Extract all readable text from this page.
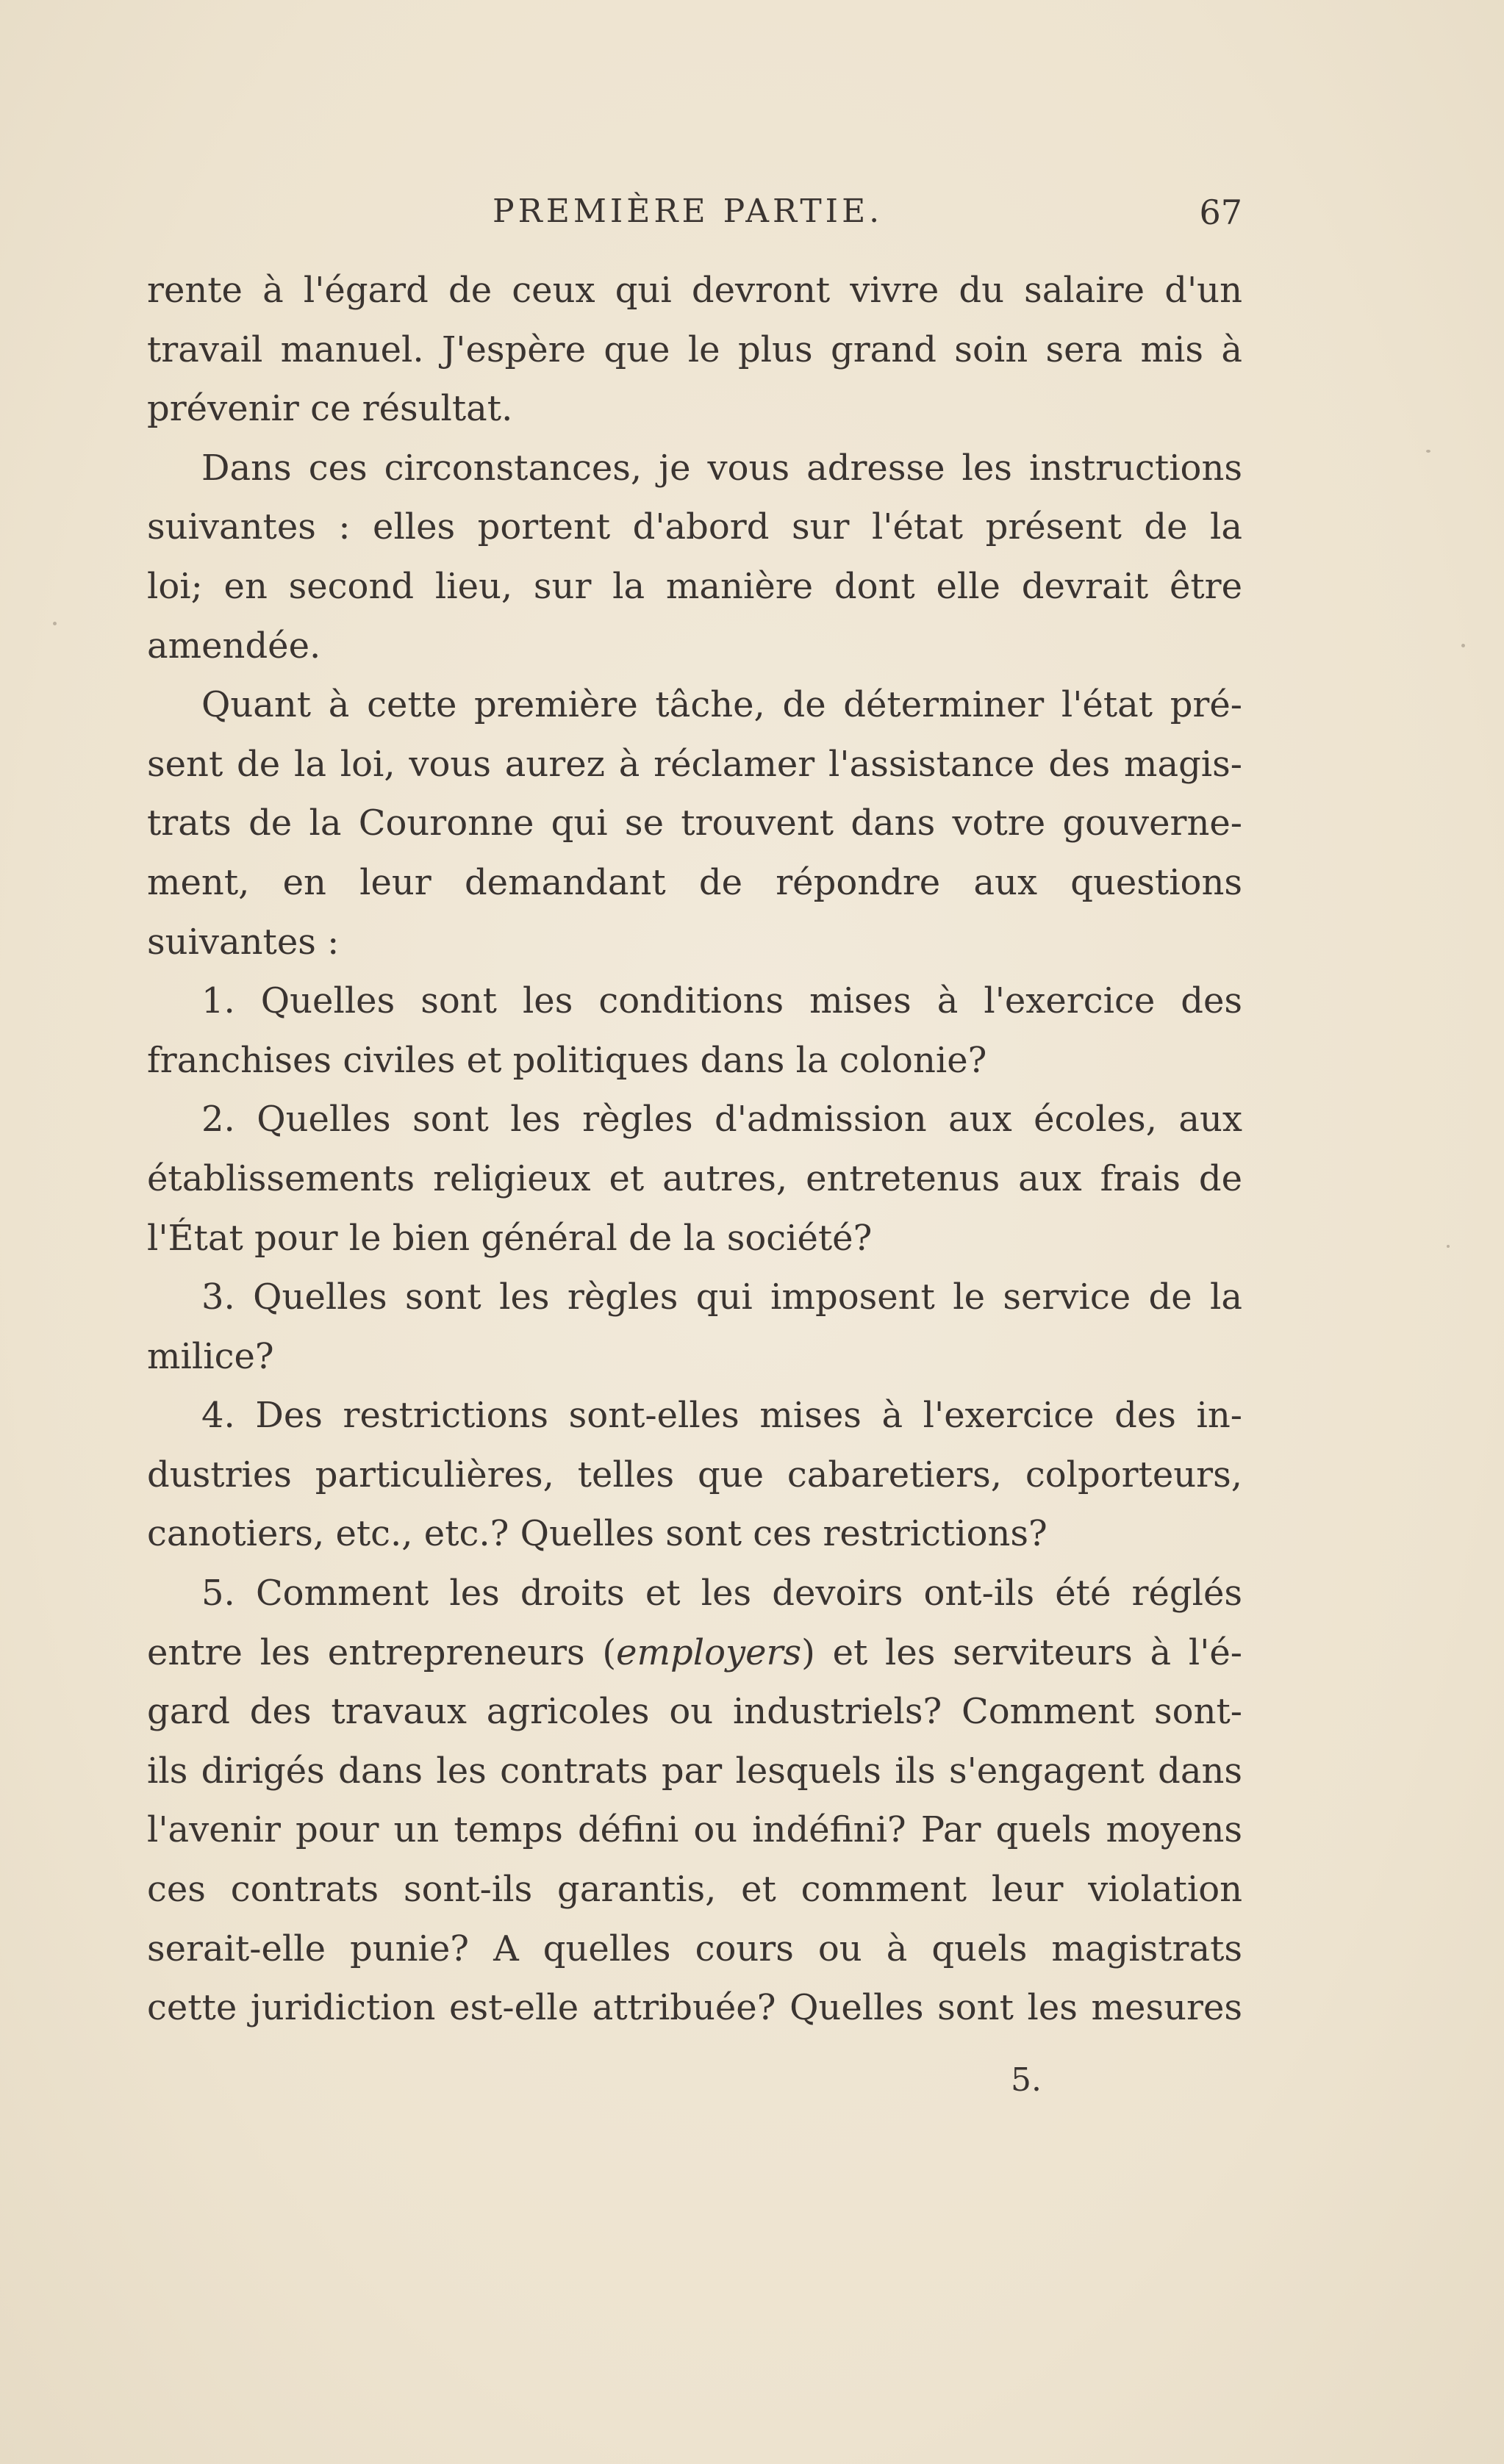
PREMIÈRE PARTIE.	67
rente à l'égard de ceux qui devront vivre du salaire d'un
travail manuel. J'espère que le plus grand soin sera mis à
prévenir ce résultat.
Dans ces circonstances, je vous adresse les instructions
suivantes : elles portent d'abord sur l'état présent de la
loi; en second lieu, sur la manière dont elle devrait être
amendée.
Quant à cette première tâche, de déterminer l'état pré-
sent de la loi, vous aurez à réclamer l'assistance des magis-
trats de la Couronne qui se trouvent dans votre gouverne-
ment, en leur demandant de répondre aux questions
suivantes :
1. Quelles sont les conditions mises à l'exercice des
franchises civiles et politiques dans la colonie?
2. Quelles sont les règles d'admission aux écoles, aux
établissements religieux et autres, entretenus aux frais de
l'État pour le bien général de la société?
3. Quelles sont les règles qui imposent le service de la
milice?
4. Des restrictions sont-elles mises à l'exercice des in-
dustries particulières, telles que cabaretiers, colporteurs,
canotiers, etc., etc.? Quelles sont ces restrictions?
5. Comment les droits et les devoirs ont-ils été réglés
entre les entrepreneurs (employers) et les serviteurs à l'é-
gard des travaux agricoles ou industriels? Comment sont-
ils dirigés dans les contrats par lesquels ils s'engagent dans
l'avenir pour un temps défini ou indéfini? Par quels moyens
ces contrats sont-ils garantis, et comment leur violation
serait-elle punie? A quelles cours ou à quels magistrats
cette juridiction est-elle attribuée? Quelles sont les mesures
5.
